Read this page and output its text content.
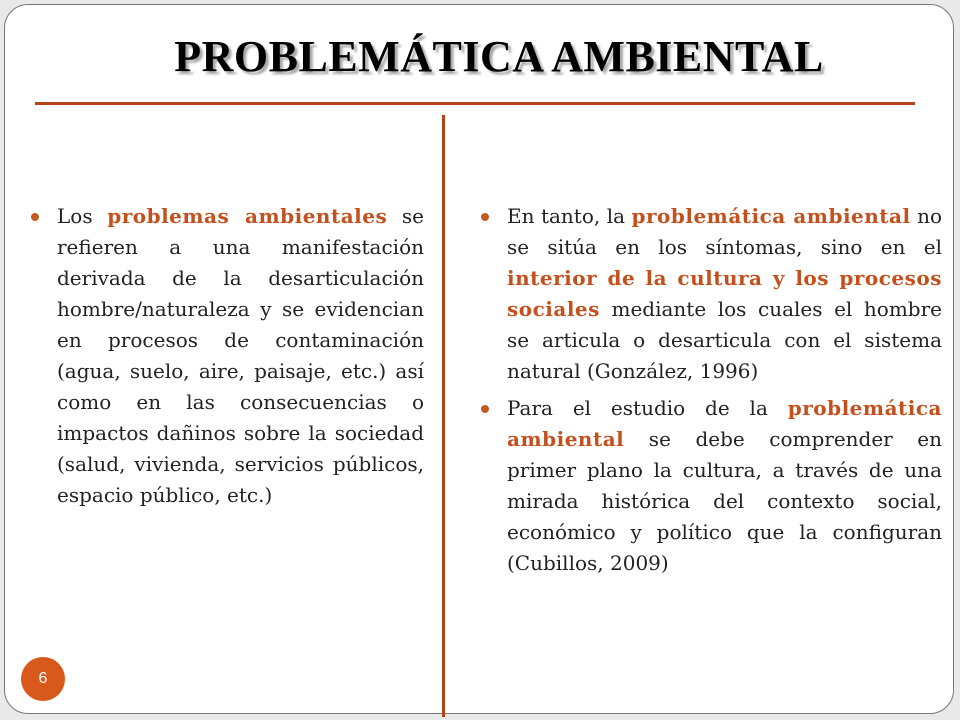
PROBLEMÁTICA AMBIENTAL
Los problemas ambientales se refieren a una manifestación derivada de la desarticulación hombre/naturaleza y se evidencian en procesos de contaminación (agua, suelo, aire, paisaje, etc.) así como en las consecuencias o impactos dañinos sobre la sociedad (salud, vivienda, servicios públicos, espacio público, etc.)
En tanto, la problemática ambiental no se sitúa en los síntomas, sino en el interior de la cultura y los procesos sociales mediante los cuales el hombre se articula o desarticula con el sistema natural (González, 1996)
Para el estudio de la problemática ambiental se debe comprender en primer plano la cultura, a través de una mirada histórica del contexto social, económico y político que la configuran (Cubillos, 2009)
6
